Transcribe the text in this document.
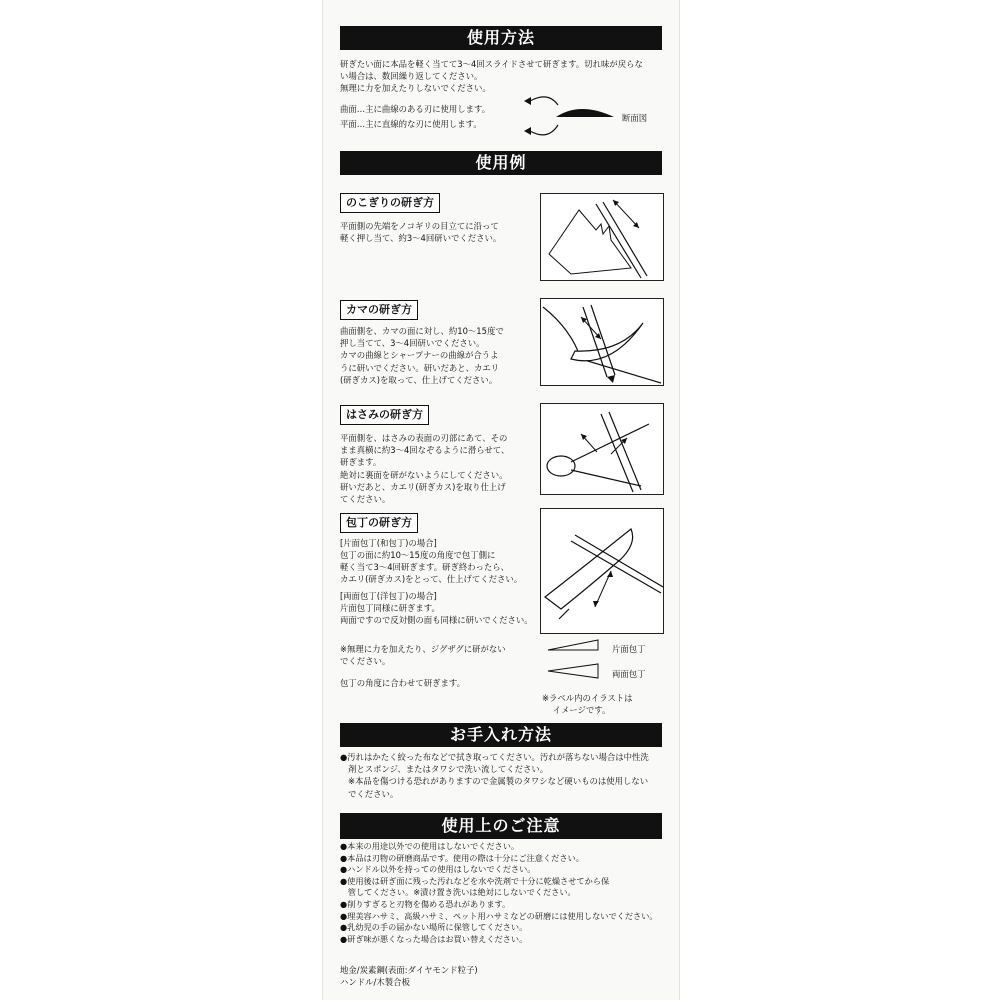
使用方法
研ぎたい面に本品を軽く当てて3～4回スライドさせて研ぎます。切れ味が戻らな
い場合は、数回繰り返してください。
無理に力を加えたりしないでください。
曲面…主に曲線のある刃に使用します。
平面…主に直線的な刃に使用します。
断面図
使用例
のこぎりの研ぎ方
平面側の先端をノコギリの目立てに沿って
軽く押し当て、約3～4回研いでください。
カマの研ぎ方
曲面側を、カマの面に対し、約10～15度で
押し当てて、3～4回研いでください。
カマの曲線とシャープナーの曲線が合うよ
うに研いでください。研いだあと、カエリ
(研ぎカス)を取って、仕上げてください。
はさみの研ぎ方
平面側を、はさみの表面の刃部にあて、その
まま真横に約3～4回なぞるように滑らせて、
研ぎます。
絶対に裏面を研がないようにしてください。
研いだあと、カエリ(研ぎカス)を取り仕上げ
てください。
包丁の研ぎ方
[片面包丁(和包丁)の場合]
包丁の面に約10～15度の角度で包丁側に
軽く当て3～4回研ぎます。研ぎ終わったら、
カエリ(研ぎカス)をとって、仕上げてください。
[両面包丁(洋包丁)の場合]
片面包丁同様に研ぎます。
両面ですので反対側の面も同様に研いでください。
※無理に力を加えたり、ジグザグに研がない
でください。
包丁の角度に合わせて研ぎます。
片面包丁
両面包丁
※ラベル内のイラストは
イメージです。
お手入れ方法
●汚れはかたく絞った布などで拭き取ってください。汚れが落ちない場合は中性洗
剤とスポンジ、またはタワシで洗い流してください。
※本品を傷つける恐れがありますので金属製のタワシなど硬いものは使用しない
でください。
使用上のご注意
●本来の用途以外での使用はしないでください。
●本品は刃物の研磨商品です。使用の際は十分にご注意ください。
●ハンドル以外を持っての使用はしないでください。
●使用後は研ぎ面に残った汚れなどを水や洗剤で十分に乾燥させてから保
管してください。※漬け置き洗いは絶対にしないでください。
●削りすぎると刃物を傷める恐れがあります。
●理美容ハサミ、高級ハサミ、ペット用ハサミなどの研磨には使用しないでください。
●乳幼児の手の届かない場所に保管してください。
●研ぎ味が悪くなった場合はお買い替えください。
地金/炭素鋼(表面:ダイヤモンド粒子)
ハンドル/木製合板
